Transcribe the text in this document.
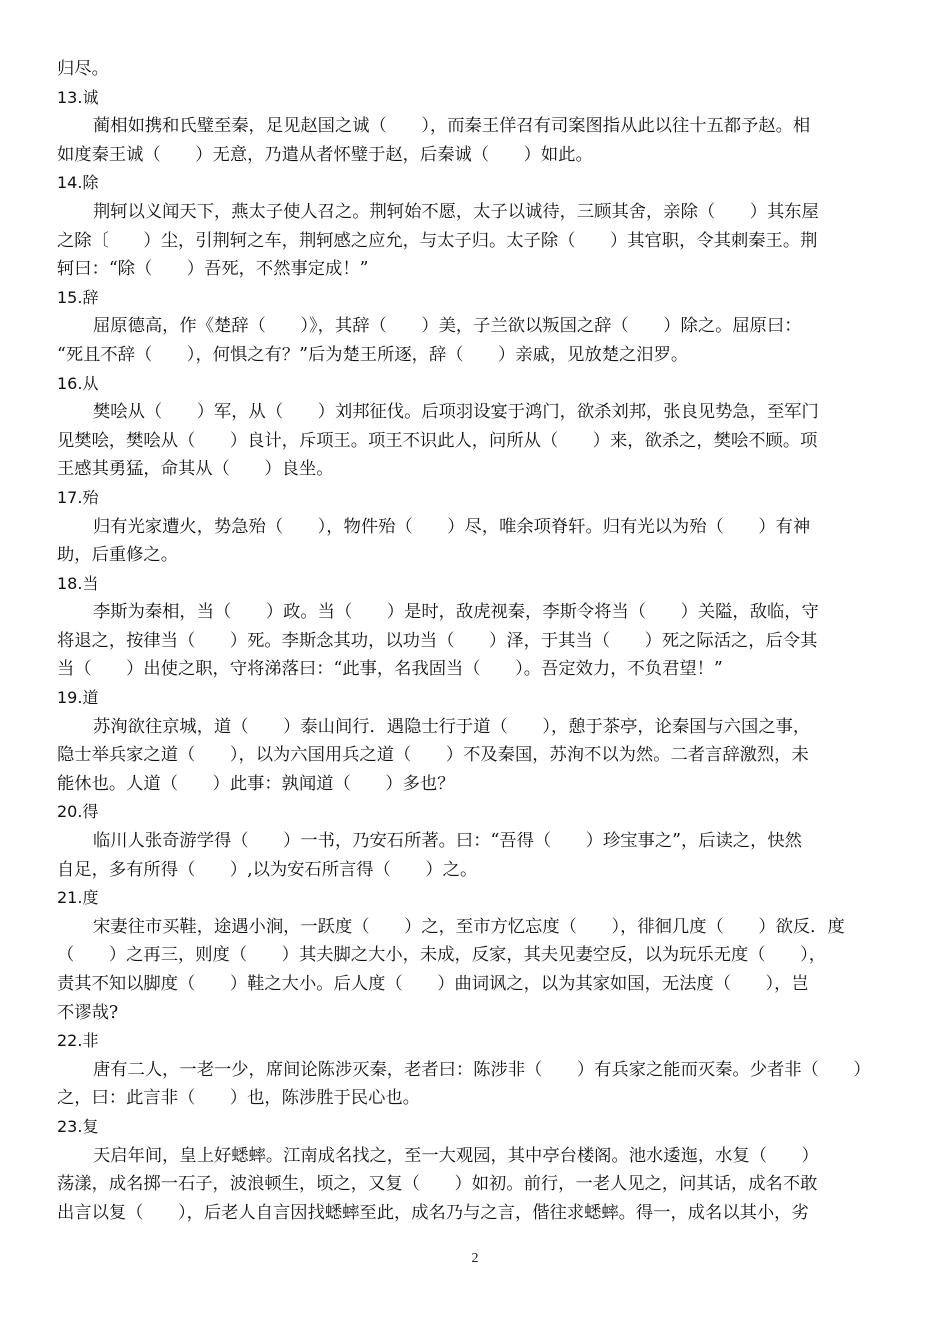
归尽。
13.诚
蔺相如携和氏璧至秦，足见赵国之诚（　　），而秦王佯召有司案图指从此以往十五都予赵。相
如度秦王诚（　　）无意，乃遣从者怀璧于赵，后秦诚（　　）如此。
14.除
荆轲以义闻天下，燕太子使人召之。荆轲始不愿，太子以诚待，三顾其舍，亲除（　　）其东屋
之除〔　　）尘，引荆轲之车，荆轲感之应允，与太子归。太子除（　　）其官职，令其刺秦王。荆
轲曰：“除（　　）吾死，不然事定成！”
15.辞
屈原德高，作《楚辞（　　）》，其辞（　　）美，子兰欲以叛国之辞（　　）除之。屈原曰：
“死且不辞（　　），何惧之有？”后为楚王所逐，辞（　　）亲戚，见放楚之汨罗。
16.从
樊哙从（　　）军，从（　　）刘邦征伐。后项羽设宴于鸿门，欲杀刘邦，张良见势急，至军门
见樊哙，樊哙从（　　）良计，斥项王。项王不识此人，问所从（　　）来，欲杀之，樊哙不顾。项
王感其勇猛，命其从（　　）良坐。
17.殆
归有光家遭火，势急殆（　　），物件殆（　　）尽，唯余项脊轩。归有光以为殆（　　）有神
助，后重修之。
18.当
李斯为秦相，当（　　）政。当（　　）是时，敌虎视秦，李斯令将当（　　）关隘，敌临，守
将退之，按律当（　　）死。李斯念其功，以功当（　　）泽，于其当（　　）死之际活之，后令其
当（　　）出使之职，守将涕落曰：“此事，名我固当（　　）。吾定效力，不负君望！”
19.道
苏洵欲往京城，道（　　）泰山间行．遇隐士行于道（　　），憩于茶亭，论秦国与六国之事，
隐士举兵家之道（　　），以为六国用兵之道（　　）不及秦国，苏洵不以为然。二者言辞激烈，未
能休也。人道（　　）此事：孰闻道（　　）多也？
20.得
临川人张奇游学得（　　）一书，乃安石所著。曰：“吾得（　　）珍宝事之”，后读之，快然
自足，多有所得（　　）,以为安石所言得（　　）之。
21.度
宋妻往市买鞋，途遇小涧，一跃度（　　）之，至市方忆忘度（　　），徘徊几度（　　）欲反．度
（　　）之再三，则度（　　）其夫脚之大小，未成，反家，其夫见妻空反，以为玩乐无度（　　），
责其不知以脚度（　　）鞋之大小。后人度（　　）曲词讽之，以为其家如国，无法度（　　），岂
不谬哉?
22.非
唐有二人，一老一少，席间论陈涉灭秦，老者曰：陈涉非（　　）有兵家之能而灭秦。少者非（　　）
之，曰：此言非（　　）也，陈涉胜于民心也。
23.复
天启年间，皇上好蟋蟀。江南成名找之，至一大观园，其中亭台楼阁。池水逶迤，水复（　　）
荡漾，成名掷一石子，波浪顿生，顷之，又复（　　）如初。前行，一老人见之，问其话，成名不敢
出言以复（　　），后老人自言因找蟋蟀至此，成名乃与之言，偕往求蟋蟀。得一，成名以其小，劣
2
